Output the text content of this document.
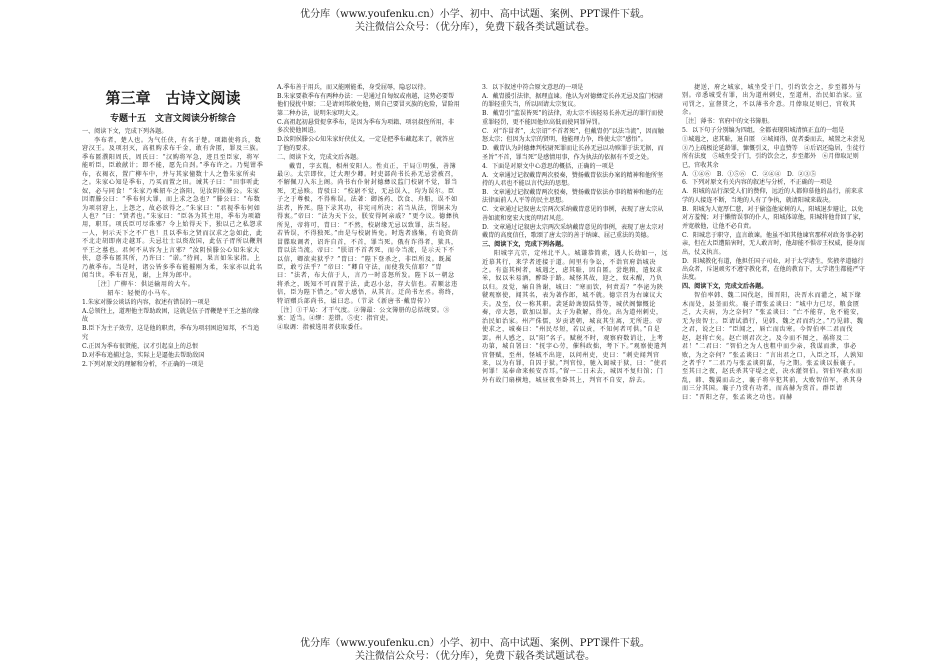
优分库（www.youfenku.cn）小学、初中、高中试题、案例、PPT课件下载。
关注微信公众号：（优分库），免费下载各类试题试卷。
第三章　古诗文阅读
专题十五　文言文阅读分析综合

一、阅读下文，完成下列各题。

李布者，楚人也。为气任侠，有名于楚。项籍使将兵，数窘汉王。及项羽灭，高祖购求布千金，敢有舍匿，罪及三族。季布匿濮阳周氏，周氏曰：“汉购将军急，迹且至臣家，将军能听臣，臣敢献计；即不能，愿先自刭。”季布许之。乃髡钳季布，衣褐衣，置广柳车中，并与其家僮数十人之鲁朱家所卖之。朱家心知是季布，乃买而置之田。诫其子曰：“田事听此奴，必与同食！”朱家乃乘轺车之洛阳，见汝阴侯滕公。朱家因谓滕公曰：“季布何大罪，而上求之急也？”滕公曰：“布数为项羽窘上，上怨之，故必欲得之。”朱家曰：“君视季布何如人也？”曰：“贤者也。”朱家曰：“臣各为其主用，季布为项籍用，职耳。项氏臣可尽诛邪？今上始得天下，独以己之私怨求一人，何示天下之不广也！且以季布之贤而汉求之急如此，此不北走胡即南走越耳。夫忌壮士以资敌国，此伍子胥所以鞭荆平王之墓也。君何不从容为上言邪？”汝阴侯滕公心知朱家大侠，意季布匿其所，乃许曰：“诺。”待间，果言如朱家指。上乃赦季布。当是时，诸公皆多季布能摧刚为柔，朱家亦以此名闻当世。季布召见，谢，上拜为郎中。

［注］广柳车：供运输用的大车。

　　轺车：轻便的小马车。

1.朱家对滕公谈话的内容，叙述有错误的一项是

A.总领往上，道理他主帮助政困，这就是伍子胥鞭楚平王之墓的缘故

B.臣下为主子效劳，这是他的职责，季布为项羽困迫知邦，不当追究

C.正因为季布很贤能，汉才引起皇上的总恨

D.对季布追捕过急，实际上是逼他去帮助敌国

2.下列对原文的理解和分析，不正确的一项是

A.季布善于用兵，而又能刚能柔，身受屈辱，隐忍以待。

B.朱家要救季布有两种办法：一是通过自匈奴或南越，这势必要帮他们侵扰中原；二是请刘邦赦免他，则自己要冒灭族的危险，冒险用第二种办法，说明朱家明大义。

C.高祖起初悬赏捉拿季布，是因为季布为项籍、项羽叔侄所用，非多次使他困迫。

D.汝阴侯滕公心知朱家好侠仗义，一定是把季布藏起来了，就答应了他的要求。

二、阅读下文，完成文后各题。

戴胄，字玄胤，相州安阳人。性贞正，干局①明强，善簿最②。太宗即位，迁大理少卿。时吏部尚书长孙无忌尝被召，不解佩刀入东上阁。尚书右仆射封德彝议监门校尉不觉，罪当死，无忌赎。胄驳曰：“校尉不觉，无忌误入，均为误尔。臣子之于尊极，不得称误。法著：御汤药、饮食、舟船，误不如法者，皆死。陛下录其功，非宪司所决；若当从法，罚铜未为得衷。”帝曰：“法为天下公，朕安得阿亲戚？”更令议。德彝执所见，帝将可，胄曰：“不然，校尉缘无忌以致罪，法当轻。若皆误，不得独死。”由是与校尉皆免。时选者盛集，有诡资荫冒牒取调者，诏许自首，不首，罪当死。俄有诈得者，狱具，胄以法当流。帝曰：“朕诏不首者死，而今当流，是示天下不以信，卿欲卖狱乎？”胄曰：“陛下登杀之，非臣所及。既属臣，敢亏法乎？”帝曰：“卿自守法，而使我失信耶？”胄曰：“法者，布大信于人，言乃一时喜怒所发。陛下以一朝忿将杀之，既知不可而置于法，此忍小忿，存大信也。若顺忿违信，臣为陛下惜之。”帝大感悟，从其言。迁尚书左丞。将终，特诏赠兵部尚书，谥曰忠。（节录《新唐书·戴胄传》）

［注］①干局：才干气度。②簿最：公文簿册的总括统要。③衷：适当。④缪：差错。⑤吏：指官吏。

④取调：指被选用者获取委任。

3．以下叙述中符合原文意思的一项是

A．戴胄援引法律，据理直谏。他认为对德彝定长孙无忌及监门校尉的罪轻重失当，所以固请太宗复议。

B．戴胄引“监误皆死”的法律，劝太宗不该轻易长孙无忌的罪行而使重罪轻罚，更不能因他位高低而使同罪异罚。

C．对“诈冒者”，太宗诏“不首者死”，但戴胄仍“以法当流”，因而触怒太宗；但因为太宗的贤明，他能理力争，终使太宗“感悟”。

D．戴胄认为封德彝判校尉死罪而让长孙无忌以功赎罪于法无据，而圣旨“不首，罪当死”是感情用事，作为执法的依据有不妥之处。

4．下面是对原文中心意思的概括，正确的一项是

A．文章通过记叙戴胄两次驳奏，赞扬戴胄依法办案的精神和他所坚持的人君也不能以言代法的思想。

B．文章通过记叙戴胄两次驳奏，赞扬戴胄依法办事的精神和他的在法律面前人人平等的民主思想。

C．文章通过记叙唐太宗两次采纳戴胄意见的事例，表现了唐太宗从善如流和宽宏大度的明君风范。

D．文章通过记叙唐太宗两次采纳戴胄意见的事例，表现了唐太宗对戴胄的高度信任，歌颂了唐太宗的善于纳谏、屈己重法的美德。

三、阅读下文，完成下列各题。

阳城字亢宗，定州北平人。城谦恭简素，遇人长幼如一，远近慕其行，来学者迹接于道。间里有争讼，不诣官府诣城决之。有盗其树者，城遇之，虑其耻，因自匿。尝绝粮，遣奴求米，奴以米易酒，醉卧于路。城怪其故，迎之，奴未醒，乃负以归。及觉，痛自咎谢，城曰：“寒而饮，何责焉？”李泌为陕虢观察使，闻其名，表为著作郎，城不就。德宗召为右谏议大夫。及至，仅一称其职。裴延龄谗毁陆贽等，城伏阁慷慨论奏，帝大怒，欲加以罪。太子为救解，得免。出为道州刺史，治民如治家。州产侏儒，岁贡诸朝，城哀其生离，无所进。帝使求之，城奏曰：“州民尽短，若以贡，不知何者可供。”自是罢。州人感之，以“阳”名子。赋税不时，观察府数诮让，上考功第，城自署曰：“抚字心劳，催科政拙，考下下。”观察使遣判官督赋，至州，怪城不出迎，以问州吏，吏曰：“刺史闻判官来，以为有罪，自囚于狱。”判官惊，驰入谒城于狱，曰：“使君何罪！某奉命来候安否耳。”留一二日未去，城因不复归馆；门外有故门扇横地，城昼夜坐卧其上，判官不自安，辞去。

捷送，府之城家，城坐受于门，引约饮会之，步至都外与别。帝悉城受有罪，出为道州刺史，至道州，治民如治家。宣司罚之，宣督贯之，不以薄书介意。月俸取足则已，官收其余。

［注］薄书：官府中的文书簿册。

5．以下句子分别编为四组，全都表现阳城清慎正直的一组是

①城遇之，虑其耻，退自匿　②城闻得，促者委而去，城置之未尝见　③乃上疏极论延龄罪，慷慨引义，申直赞等　④后诏还隐居，生徒行所有法度　⑤城坐受于门，引约饮会之，步至都外　⑥月俸取足则已，官收其余

A．①④⑥　B．①⑤⑥　C．②④④　D．②③⑤

6．下列对原文有关内容的叙述与分析，不正确的一项是

A．阳城的品行深受人们的赞仰，远近的人都仰慕他的品行，前来求学的人接连不断，当地的人有了争执，就请阳城来裁决。

B．阳城为人宽厚仁慈，对于偷盗他家树的人，阳城退步避让，以免对方羞愧；对于懒惰误事的仆人，阳城体谅他，阳城将他背回了家，并宽赦他，让他不必自责。

C．阳城忠于职守，直言敢谏。他虽不如其他谏官那样对政务事必躬亲，但在大臣遭陷害时，无人敢言时，他却能不惧帝王权威，挺身而出，仗义执言。

D．阳城教化有道，他担任国子司业，对于太学诸生，奖掖孝道德行出众者，斥退顽劣不遵守教化者，在他的教育下，太学诸生都能严守法度。

四、阅读下文，完成文后各题。

智伯率韩、魏二国伐赵，围晋阳，决晋水而灌之，城下缘木而处，县釜而炊。襄子谓张孟谈曰：“城中力已尽，粮食匮乏，大夫病，为之奈何？”张孟谈曰：“亡不能存，危不能安，无为贵智士。臣请试潜行，见韩、魏之君而约之。”乃见韩、魏之君，说之曰：“臣闻之，唇亡而齿寒。今智伯率二君而伐赵，赵将亡矣。赵亡则君次之。及今而不图之，祸将及二君！”二君曰：“智伯之为人也粗中而少亲，我谋而泄，事必败，为之奈何？”张孟谈曰：“言出君之口，入臣之耳，人孰知之者乎？”二君乃与张孟谈阴谋，与之期。张孟谈以报襄子。至其日之夜，赵氏杀其守堤之吏，决水灌智伯。智伯军救水而乱，韩、魏翼而击之，襄子将卒犯其前，大败智伯军，杀其身而三分其国。襄子乃赏有功者，而高赫为赏首。群臣请曰：“晋阳之存，张孟谈之功也。而赫

优分库（www.youfenku.cn）小学、初中、高中试题、案例、PPT课件下载。
关注微信公众号：（优分库），免费下载各类试题试卷。
